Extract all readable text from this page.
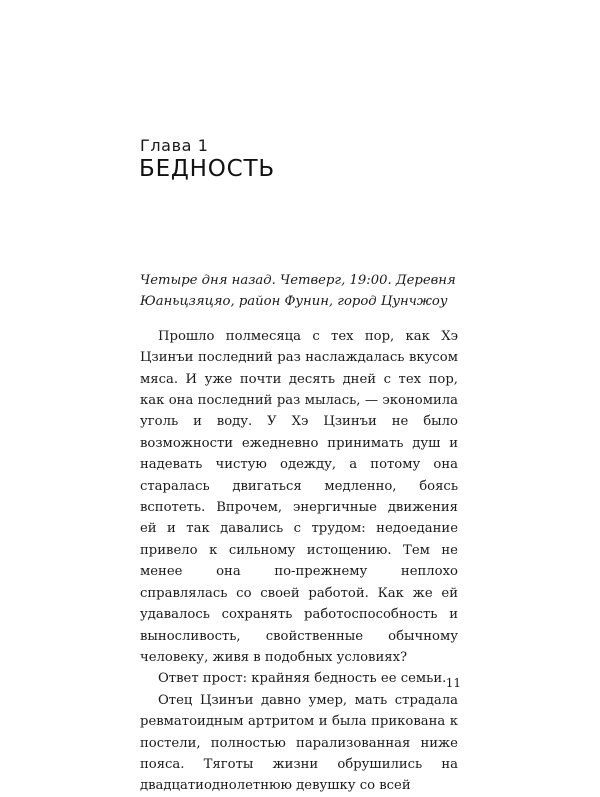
Глава 1

БЕДНОСТЬ

Четыре дня назад. Четверг, 19:00. Деревня Юаньцзяцяо, район Фунин, город Цунчжоу

Прошло полмесяца с тех пор, как Хэ Цзинъи последний раз наслаждалась вкусом мяса. И уже почти десять дней с тех пор, как она последний раз мылась, — экономила уголь и воду. У Хэ Цзинъи не было возможности ежедневно принимать душ и надевать чистую одежду, а потому она старалась двигаться медленно, боясь вспотеть. Впрочем, энергичные движения ей и так давались с трудом: недоедание привело к сильному истощению. Тем не менее она по-прежнему неплохо справлялась со своей работой. Как же ей удавалось сохранять работоспособность и выносливость, свойственные обычному человеку, живя в подобных условиях?

Ответ прост: крайняя бедность ее семьи.

Отец Цзинъи давно умер, мать страдала ревматоидным артритом и была прикована к постели, полностью парализованная ниже пояса. Тяготы жизни обрушились на двадцатиоднолетнюю девушку со всей

11
